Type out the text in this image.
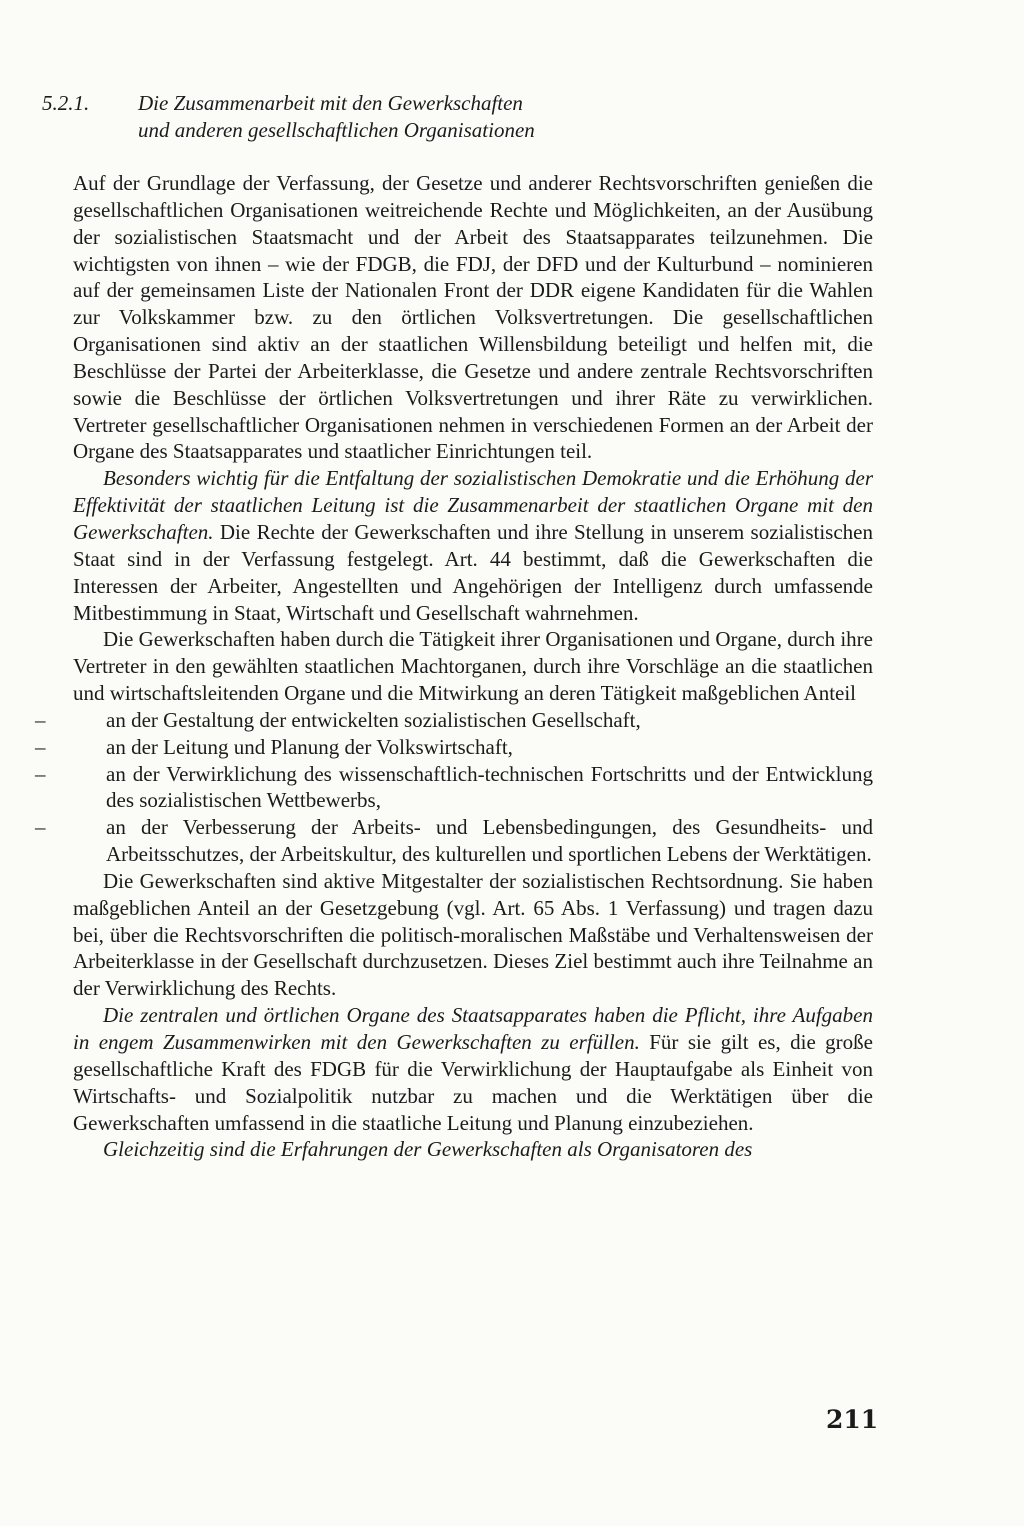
5.2.1. Die Zusammenarbeit mit den Gewerkschaften
und anderen gesellschaftlichen Organisationen

Auf der Grundlage der Verfassung, der Gesetze und anderer Rechtsvorschriften genießen die gesellschaftlichen Organisationen weitreichende Rechte und Möglichkeiten, an der Ausübung der sozialistischen Staatsmacht und der Arbeit des Staatsapparates teilzunehmen. Die wichtigsten von ihnen – wie der FDGB, die FDJ, der DFD und der Kulturbund – nominieren auf der gemeinsamen Liste der Nationalen Front der DDR eigene Kandidaten für die Wahlen zur Volkskammer bzw. zu den örtlichen Volksvertretungen. Die gesellschaftlichen Organisationen sind aktiv an der staatlichen Willensbildung beteiligt und helfen mit, die Beschlüsse der Partei der Arbeiterklasse, die Gesetze und andere zentrale Rechtsvorschriften sowie die Beschlüsse der örtlichen Volksvertretungen und ihrer Räte zu verwirklichen. Vertreter gesellschaftlicher Organisationen nehmen in verschiedenen Formen an der Arbeit der Organe des Staatsapparates und staatlicher Einrichtungen teil.

Besonders wichtig für die Entfaltung der sozialistischen Demokratie und die Erhöhung der Effektivität der staatlichen Leitung ist die Zusammenarbeit der staatlichen Organe mit den Gewerkschaften. Die Rechte der Gewerkschaften und ihre Stellung in unserem sozialistischen Staat sind in der Verfassung festgelegt. Art. 44 bestimmt, daß die Gewerkschaften die Interessen der Arbeiter, Angestellten und Angehörigen der Intelligenz durch umfassende Mitbestimmung in Staat, Wirtschaft und Gesellschaft wahrnehmen.

Die Gewerkschaften haben durch die Tätigkeit ihrer Organisationen und Organe, durch ihre Vertreter in den gewählten staatlichen Machtorganen, durch ihre Vorschläge an die staatlichen und wirtschaftsleitenden Organe und die Mitwirkung an deren Tätigkeit maßgeblichen Anteil

– an der Gestaltung der entwickelten sozialistischen Gesellschaft,
– an der Leitung und Planung der Volkswirtschaft,
– an der Verwirklichung des wissenschaftlich-technischen Fortschritts und der Entwicklung des sozialistischen Wettbewerbs,
– an der Verbesserung der Arbeits- und Lebensbedingungen, des Gesundheits- und Arbeitsschutzes, der Arbeitskultur, des kulturellen und sportlichen Lebens der Werktätigen.

Die Gewerkschaften sind aktive Mitgestalter der sozialistischen Rechtsordnung. Sie haben maßgeblichen Anteil an der Gesetzgebung (vgl. Art. 65 Abs. 1 Verfassung) und tragen dazu bei, über die Rechtsvorschriften die politisch-moralischen Maßstäbe und Verhaltensweisen der Arbeiterklasse in der Gesellschaft durchzusetzen. Dieses Ziel bestimmt auch ihre Teilnahme an der Verwirklichung des Rechts.

Die zentralen und örtlichen Organe des Staatsapparates haben die Pflicht, ihre Aufgaben in engem Zusammenwirken mit den Gewerkschaften zu erfüllen. Für sie gilt es, die große gesellschaftliche Kraft des FDGB für die Verwirklichung der Hauptaufgabe als Einheit von Wirtschafts- und Sozialpolitik nutzbar zu machen und die Werktätigen über die Gewerkschaften umfassend in die staatliche Leitung und Planung einzubeziehen.

Gleichzeitig sind die Erfahrungen der Gewerkschaften als Organisatoren des

211
